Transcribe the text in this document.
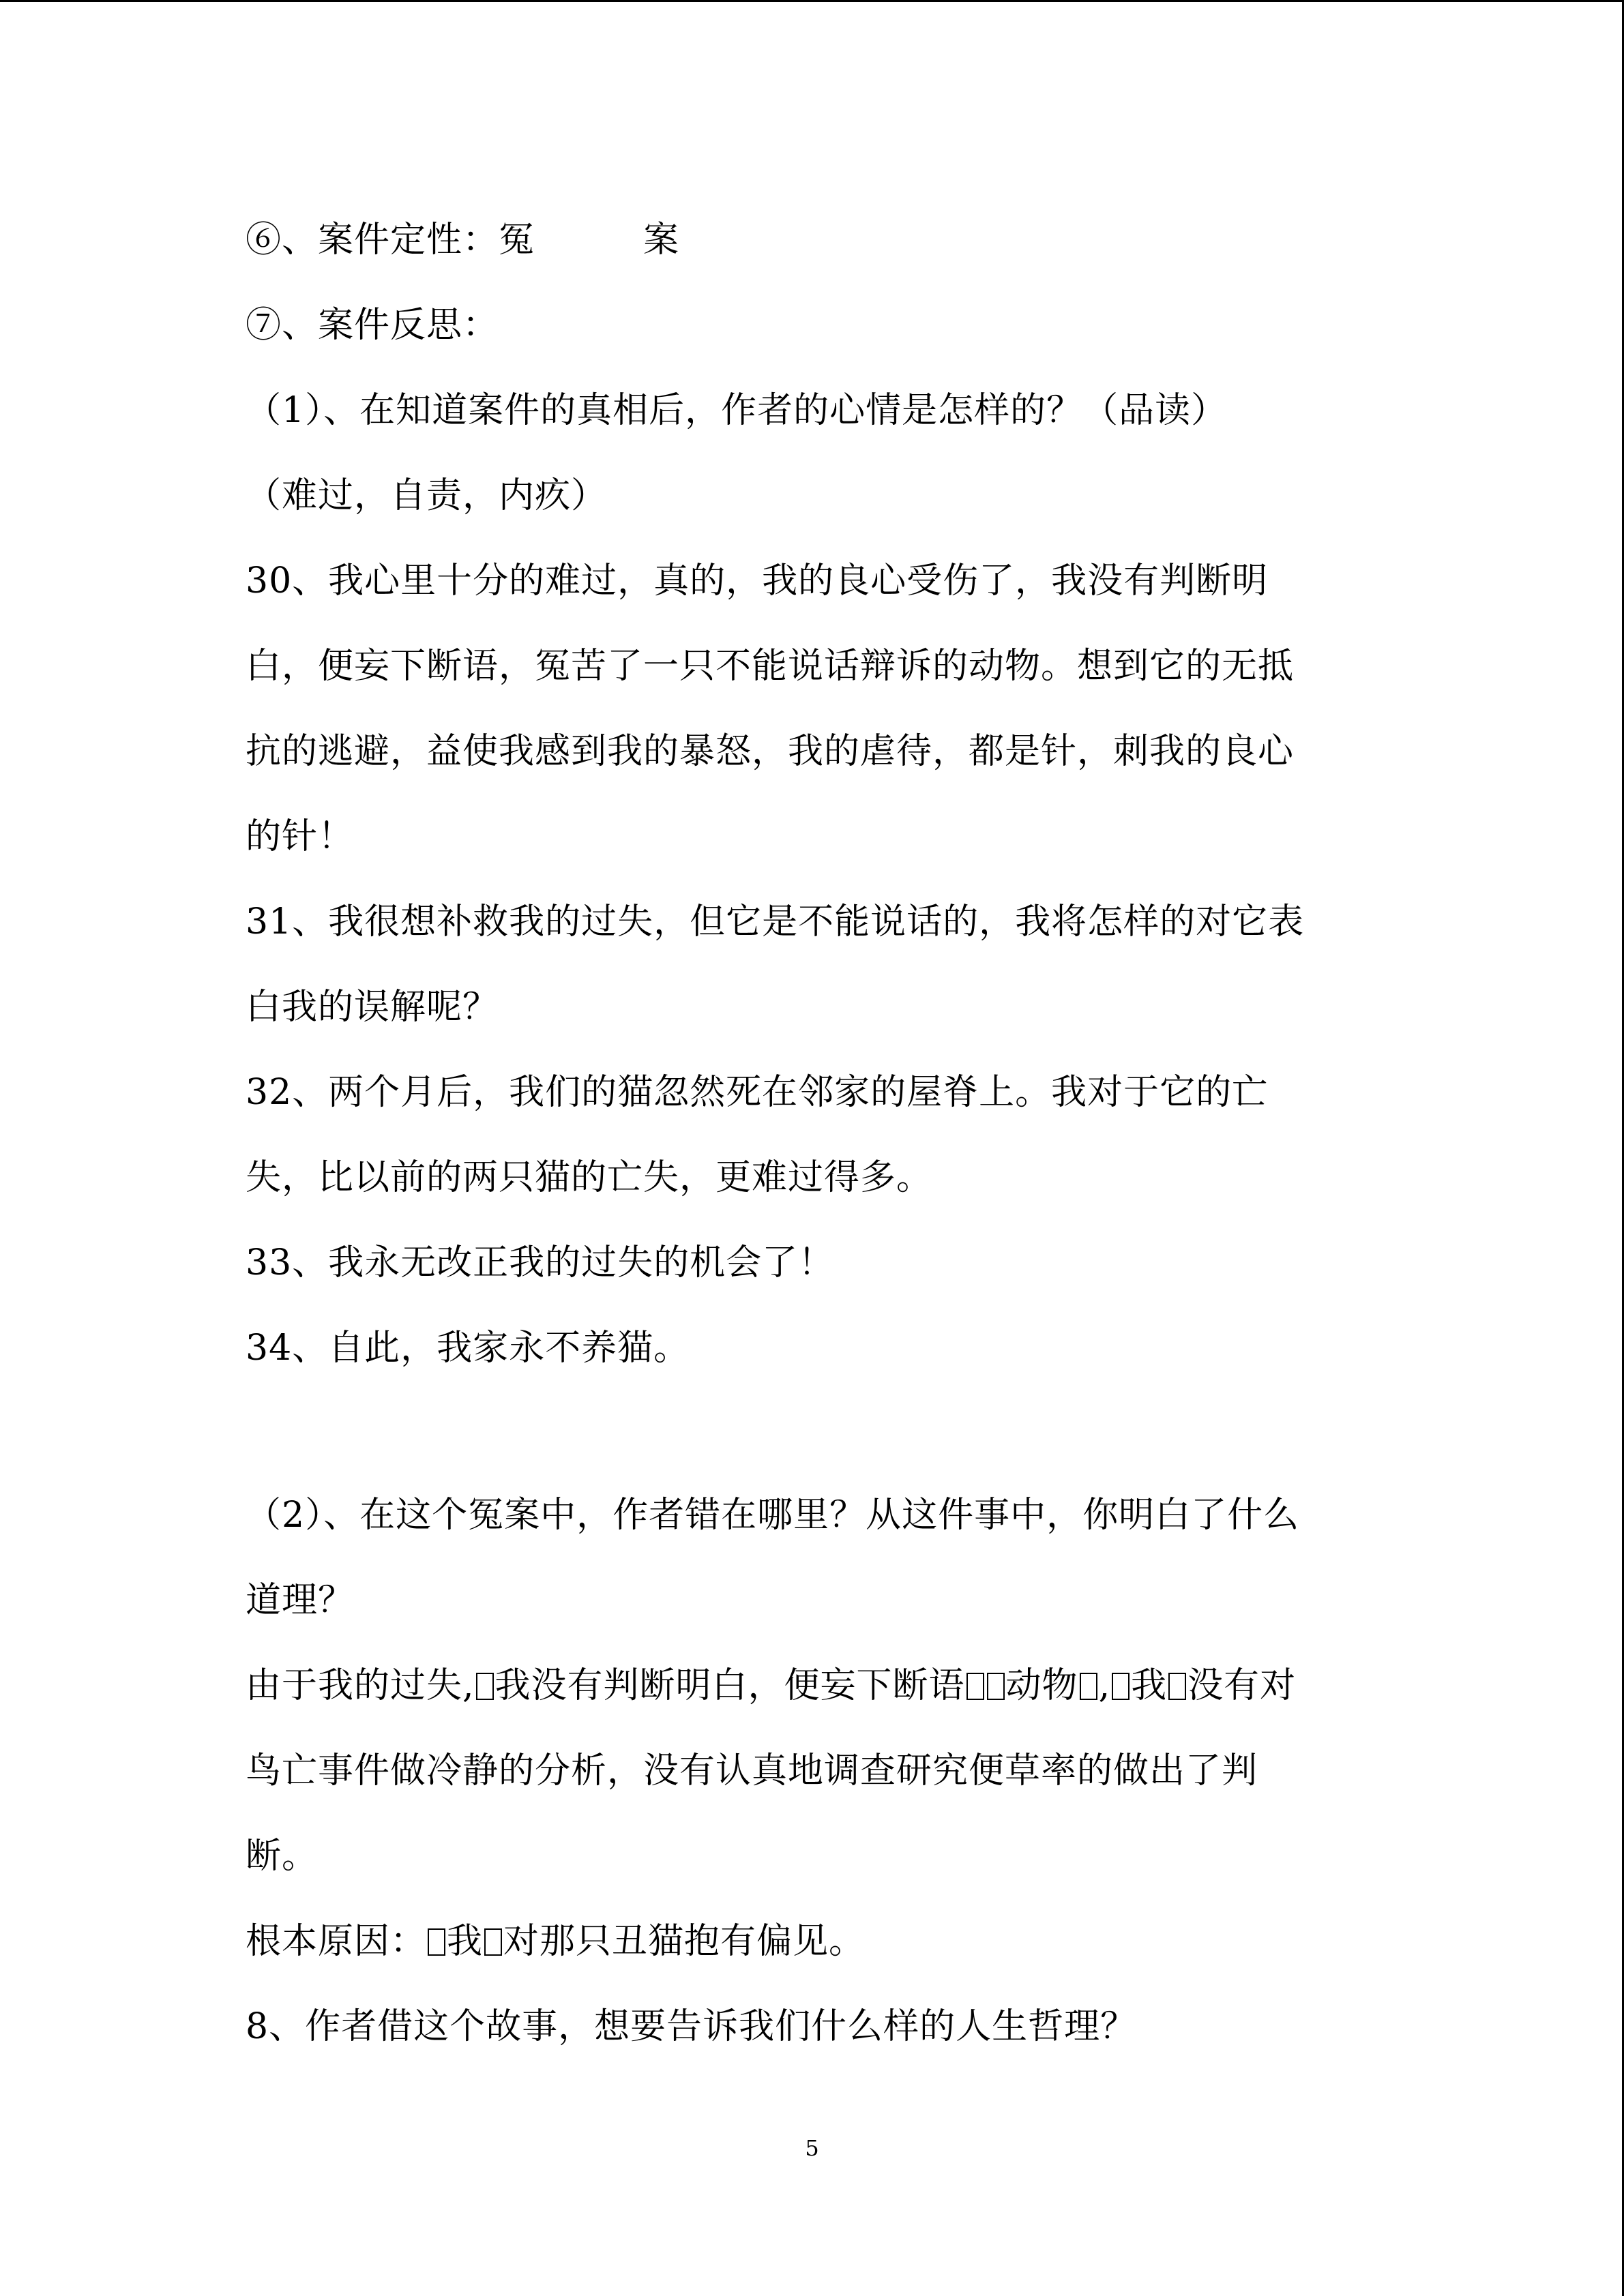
⑥、案件定性：冤　　　案
⑦、案件反思：
（1）、在知道案件的真相后，作者的心情是怎样的？（品读）
（难过，自责，内疚）
30、我心里十分的难过，真的，我的良心受伤了，我没有判断明
白，便妄下断语，冤苦了一只不能说话辩诉的动物。想到它的无抵
抗的逃避，益使我感到我的暴怒，我的虐待，都是针，刺我的良心
的针！
31、我很想补救我的过失，但它是不能说话的，我将怎样的对它表
白我的误解呢？
32、两个月后，我们的猫忽然死在邻家的屋脊上。我对于它的亡
失，比以前的两只猫的亡失，更难过得多。
33、我永无改正我的过失的机会了！
34、自此，我家永不养猫。
（2）、在这个冤案中，作者错在哪里？从这件事中，你明白了什么
道理？
由于我的过失, 我没有判断明白，便妄下断语 动物 , 我 没有对
鸟亡事件做冷静的分析，没有认真地调查研究便草率的做出了判
断。
根本原因： 我 对那只丑猫抱有偏见。
8、作者借这个故事，想要告诉我们什么样的人生哲理？
5
